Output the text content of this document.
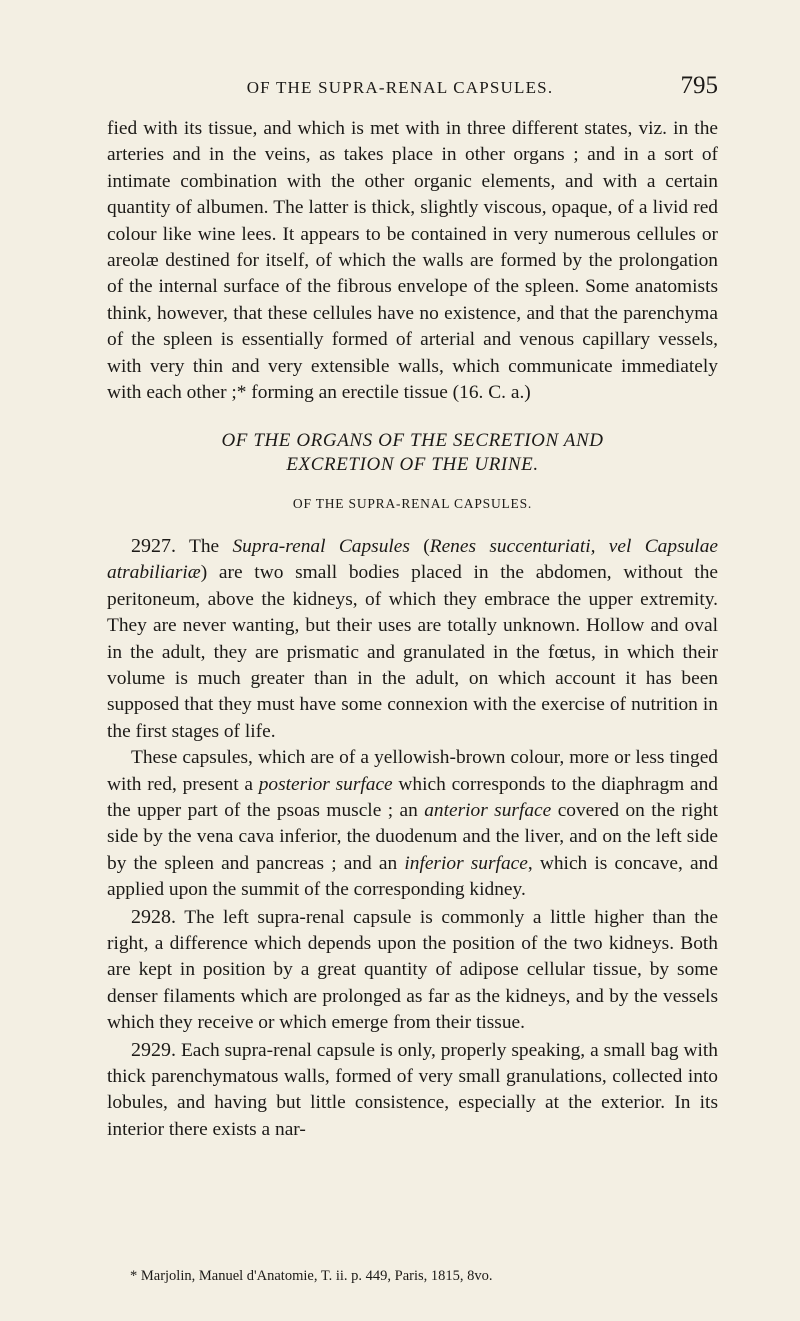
OF THE SUPRA-RENAL CAPSULES.	795

fied with its tissue, and which is met with in three different states, viz. in the arteries and in the veins, as takes place in other organs ; and in a sort of intimate combination with the other organic elements, and with a certain quantity of albumen. The latter is thick, slightly viscous, opaque, of a livid red colour like wine lees. It appears to be contained in very numerous cellules or areolæ destined for itself, of which the walls are formed by the prolongation of the internal surface of the fibrous envelope of the spleen. Some anatomists think, however, that these cellules have no existence, and that the parenchyma of the spleen is essentially formed of arterial and venous capillary vessels, with very thin and very extensible walls, which communicate immediately with each other ;* forming an erectile tissue (16. C. a.)

OF THE ORGANS OF THE SECRETION AND
EXCRETION OF THE URINE.
OF THE SUPRA-RENAL CAPSULES.

2927. The Supra-renal Capsules (Renes succenturiati, vel Capsulae atrabiliariæ) are two small bodies placed in the abdomen, without the peritoneum, above the kidneys, of which they embrace the upper extremity. They are never wanting, but their uses are totally unknown. Hollow and oval in the adult, they are prismatic and granulated in the fœtus, in which their volume is much greater than in the adult, on which account it has been supposed that they must have some connexion with the exercise of nutrition in the first stages of life.

These capsules, which are of a yellowish-brown colour, more or less tinged with red, present a posterior surface which corresponds to the diaphragm and the upper part of the psoas muscle ; an anterior surface covered on the right side by the vena cava inferior, the duodenum and the liver, and on the left side by the spleen and pancreas ; and an inferior surface, which is concave, and applied upon the summit of the corresponding kidney.

2928. The left supra-renal capsule is commonly a little higher than the right, a difference which depends upon the position of the two kidneys. Both are kept in position by a great quantity of adipose cellular tissue, by some denser filaments which are prolonged as far as the kidneys, and by the vessels which they receive or which emerge from their tissue.

2929. Each supra-renal capsule is only, properly speaking, a small bag with thick parenchymatous walls, formed of very small granulations, collected into lobules, and having but little consistence, especially at the exterior. In its interior there exists a nar-

* Marjolin, Manuel d'Anatomie, T. ii. p. 449, Paris, 1815, 8vo.
